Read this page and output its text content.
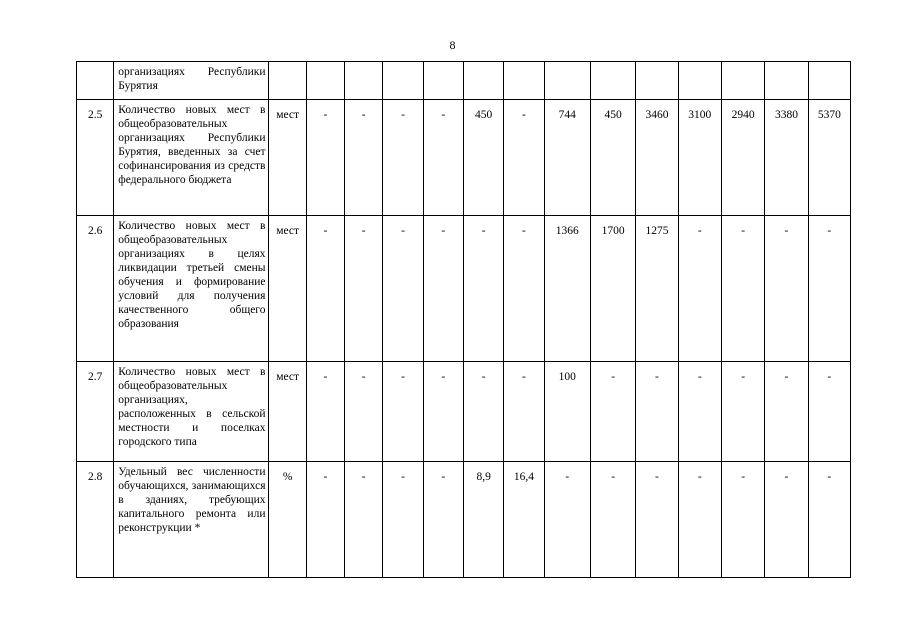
8
	организациях Республики Бурятия														
2.5	Количество новых мест в общеобразовательных организациях Республики Бурятия, введенных за счет софинансирования из средств федерального бюджета	мест	-	-	-	-	450	-	744	450	3460	3100	2940	3380	5370
2.6	Количество новых мест в общеобразовательных организациях в целях ликвидации третьей смены обучения и формирование условий для получения качественного общего образования	мест	-	-	-	-	-	-	1366	1700	1275	-	-	-	-
2.7	Количество новых мест в общеобразовательных организациях, расположенных в сельской местности и поселках городского типа	мест	-	-	-	-	-	-	100	-	-	-	-	-	-
2.8	Удельный вес численности обучающихся, занимающихся в зданиях, требующих капитального ремонта или реконструкции *	%	-	-	-	-	8,9	16,4	-	-	-	-	-	-	-
